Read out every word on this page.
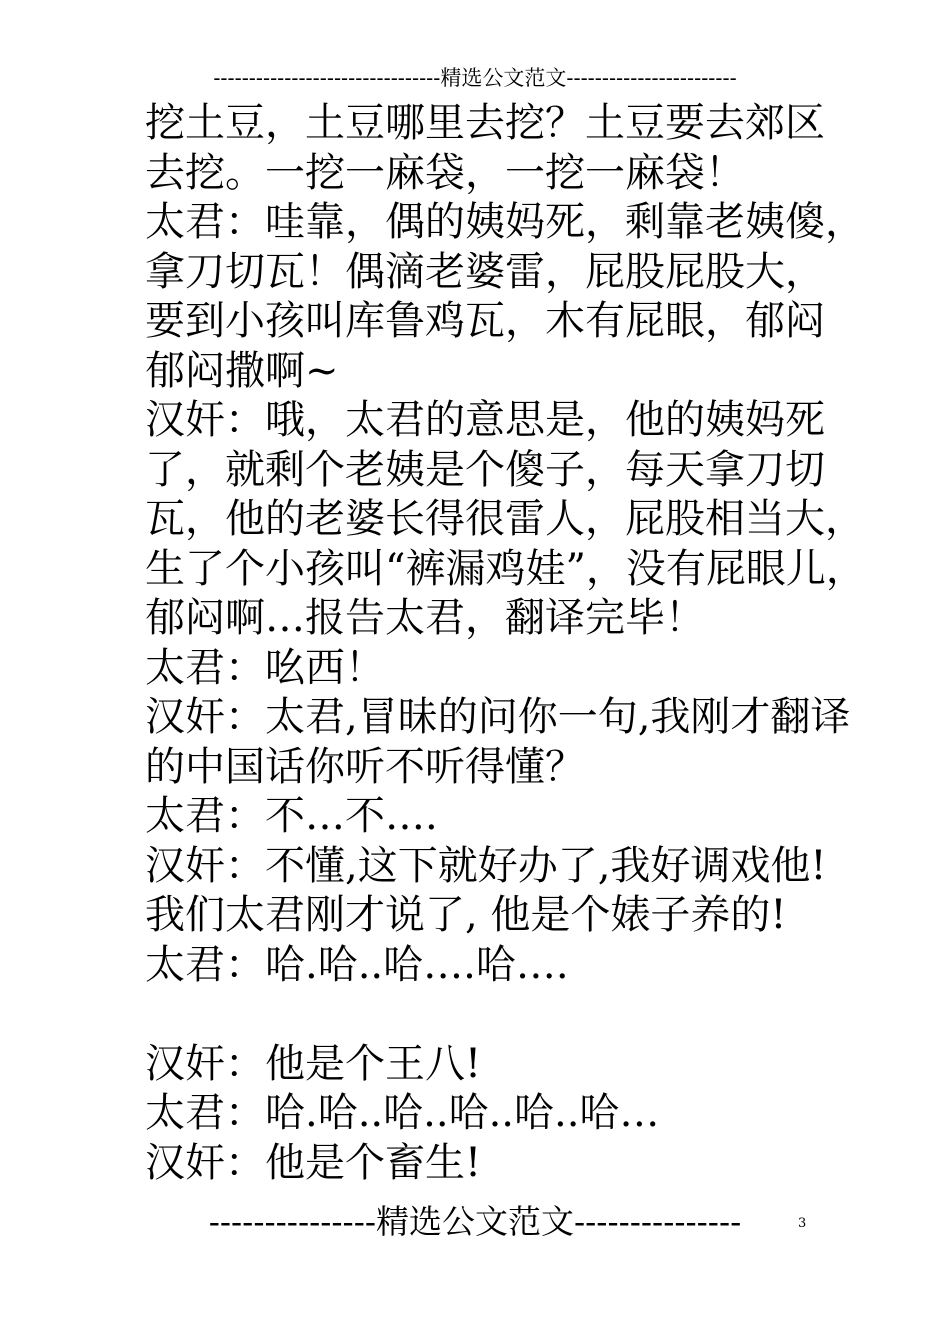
--------------------------------精选公文范文------------------------
挖土豆，土豆哪里去挖？土豆要去郊区
去挖。一挖一麻袋，一挖一麻袋！
太君：哇靠，偶的姨妈死，剩靠老姨傻，
拿刀切瓦！偶滴老婆雷，屁股屁股大，
要到小孩叫库鲁鸡瓦，木有屁眼，郁闷
郁闷撒啊~
汉奸：哦，太君的意思是，他的姨妈死
了，就剩个老姨是个傻子，每天拿刀切
瓦，他的老婆长得很雷人，屁股相当大，
生了个小孩叫“裤漏鸡娃”，没有屁眼儿，
郁闷啊…报告太君，翻译完毕！
太君：吆西！
汉奸：太君,冒昧的问你一句,我刚才翻译
的中国话你听不听得懂？
太君：不…不….
汉奸：不懂,这下就好办了,我好调戏他!
我们太君刚才说了, 他是个婊子养的!
太君：哈.哈..哈….哈….
汉奸：他是个王八!
太君：哈.哈..哈..哈..哈..哈…
汉奸：他是个畜生!
---------------精选公文范文---------------	3
